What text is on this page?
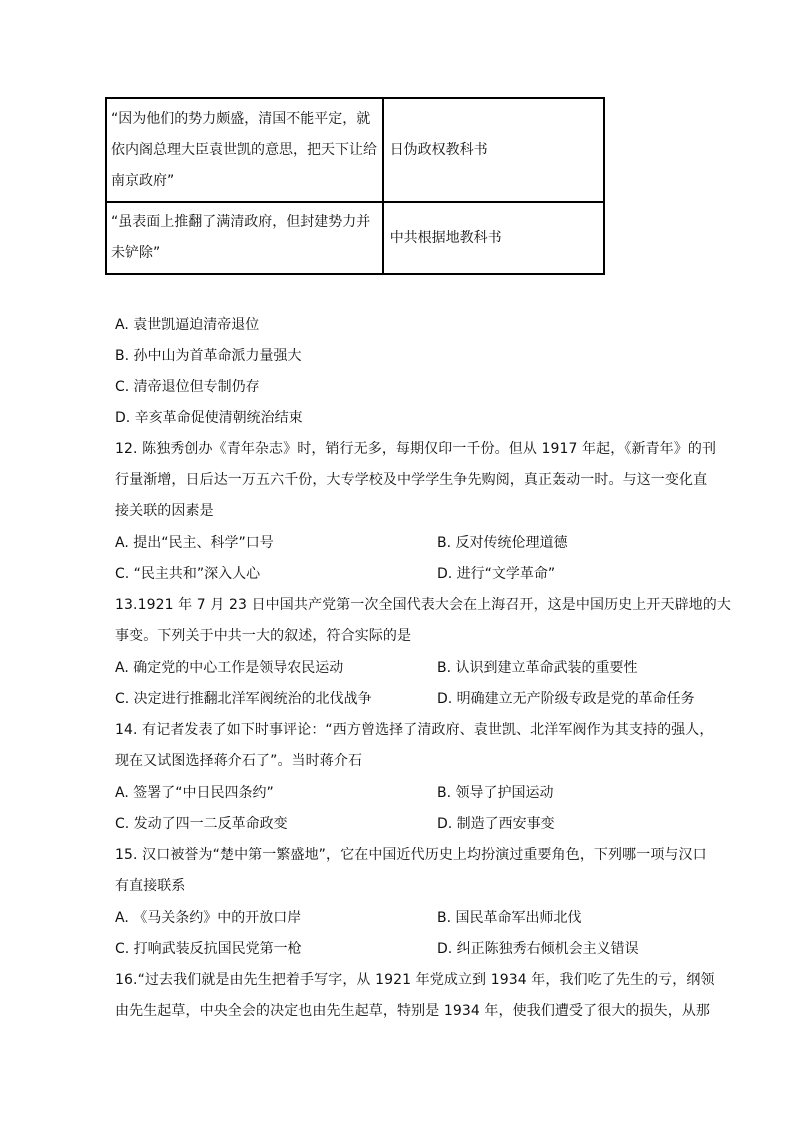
“因为他们的势力颇盛，清国不能平定，就依内阁总理大臣袁世凯的意思，把天下让给南京政府”	日伪政权教科书
“虽表面上推翻了满清政府，但封建势力并未铲除”	中共根据地教科书
A. 袁世凯逼迫清帝退位
B. 孙中山为首革命派力量强大
C. 清帝退位但专制仍存
D. 辛亥革命促使清朝统治结束
12. 陈独秀创办《青年杂志》时，销行无多，每期仅印一千份。但从 1917 年起，《新青年》的刊
行量渐增，日后达一万五六千份，大专学校及中学学生争先购阅，真正轰动一时。与这一变化直
接关联的因素是
A. 提出“民主、科学”口号	B. 反对传统伦理道德
C. “民主共和”深入人心	D. 进行“文学革命”
13.1921 年 7 月 23 日中国共产党第一次全国代表大会在上海召开，这是中国历史上开天辟地的大
事变。下列关于中共一大的叙述，符合实际的是
A. 确定党的中心工作是领导农民运动	B. 认识到建立革命武装的重要性
C. 决定进行推翻北洋军阀统治的北伐战争	D. 明确建立无产阶级专政是党的革命任务
14. 有记者发表了如下时事评论：“西方曾选择了清政府、袁世凯、北洋军阀作为其支持的强人，
现在又试图选择蒋介石了”。当时蒋介石
A. 签署了“中日民四条约”	B. 领导了护国运动
C. 发动了四一二反革命政变	D. 制造了西安事变
15. 汉口被誉为“楚中第一繁盛地”，它在中国近代历史上均扮演过重要角色，下列哪一项与汉口
有直接联系
A. 《马关条约》中的开放口岸	B. 国民革命军出师北伐
C. 打响武装反抗国民党第一枪	D. 纠正陈独秀右倾机会主义错误
16.“过去我们就是由先生把着手写字，从 1921 年党成立到 1934 年，我们吃了先生的亏，纲领
由先生起草，中央全会的决定也由先生起草，特别是 1934 年，使我们遭受了很大的损失，从那
